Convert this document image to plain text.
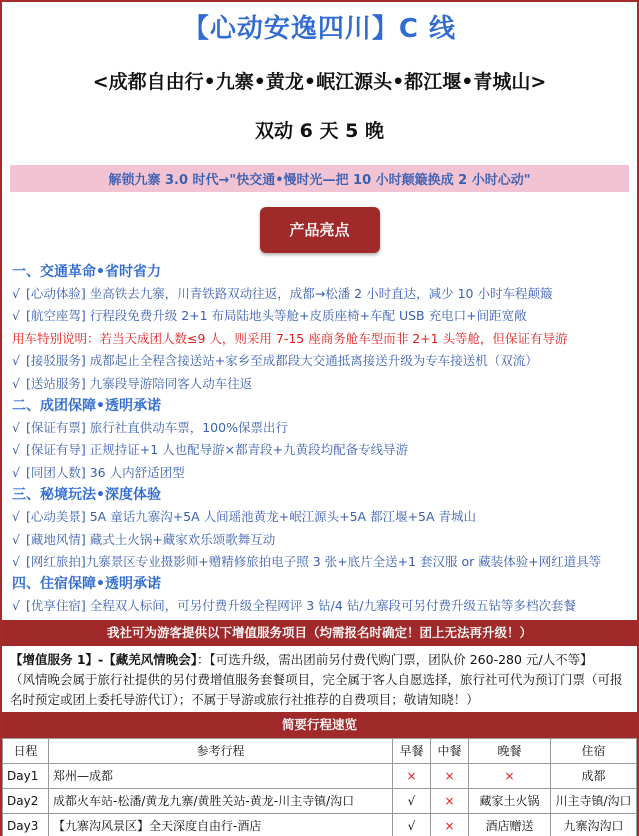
【心动安逸四川】C 线
<成都自由行•九寨•黄龙•岷江源头•都江堰•青城山>
双动 6 天 5 晚
解锁九寨 3.0 时代→"快交通•慢时光—把 10 小时颠簸换成 2 小时心动"
产品亮点
一、交通革命•省时省力
√ [心动体验] 坐高铁去九寨，川青铁路双动往返，成都→松潘 2 小时直达，减少 10 小时车程颠簸
√ [航空座驾] 行程段免费升级 2+1 布局陆地头等舱+皮质座椅+车配 USB 充电口+间距宽敞
用车特别说明：若当天成团人数≤9 人，则采用 7-15 座商务舱车型而非 2+1 头等舱，但保证有导游
√ [接驳服务] 成都起止全程含接送站+家乡至成都段大交通抵离接送升级为专车接送机（双流）
√ [送站服务] 九寨段导游陪同客人动车往返
二、成团保障•透明承诺
√ [保证有票] 旅行社直供动车票，100%保票出行
√ [保证有导] 正规持证+1 人也配导游×都青段+九黄段均配备专线导游
√ [同团人数] 36 人内舒适团型
三、秘境玩法•深度体验
√ [心动美景] 5A 童话九寨沟+5A 人间瑶池黄龙+岷江源头+5A 都江堰+5A 青城山
√ [藏地风情] 藏式土火锅+藏家欢乐颂歌舞互动
√ [网红旅拍]九寨景区专业摄影师+赠精修旅拍电子照 3 张+底片全送+1 套汉服 or 藏装体验+网红道具等
四、住宿保障•透明承诺
√ [优享住宿] 全程双人标间，可另付费升级全程网评 3 钻/4 钻/九寨段可另付费升级五钻等多档次套餐
我社可为游客提供以下增值服务项目（均需报名时确定！团上无法再升级！）
【增值服务 1】-【藏羌风情晚会】：【可选升级，需出团前另付费代购门票，团队价 260-280 元/人不等】
（风情晚会属于旅行社提供的另付费增值服务套餐项目，完全属于客人自愿选择，旅行社可代为预订门票（可报名时预定或团上委托导游代订）；不属于导游或旅行社推荐的自费项目；敬请知晓！）
简要行程速览
日程	参考行程	早餐	中餐	晚餐	住宿
Day1	郑州—成都	×	×	×	成都
Day2	成都火车站-松潘/黄龙九寨/黄胜关站-黄龙-川主寺镇/沟口	√	×	藏家土火锅	川主寺镇/沟口
Day3	【九寨沟风景区】全天深度自由行-酒店	√	×	酒店赠送	九寨沟沟口
